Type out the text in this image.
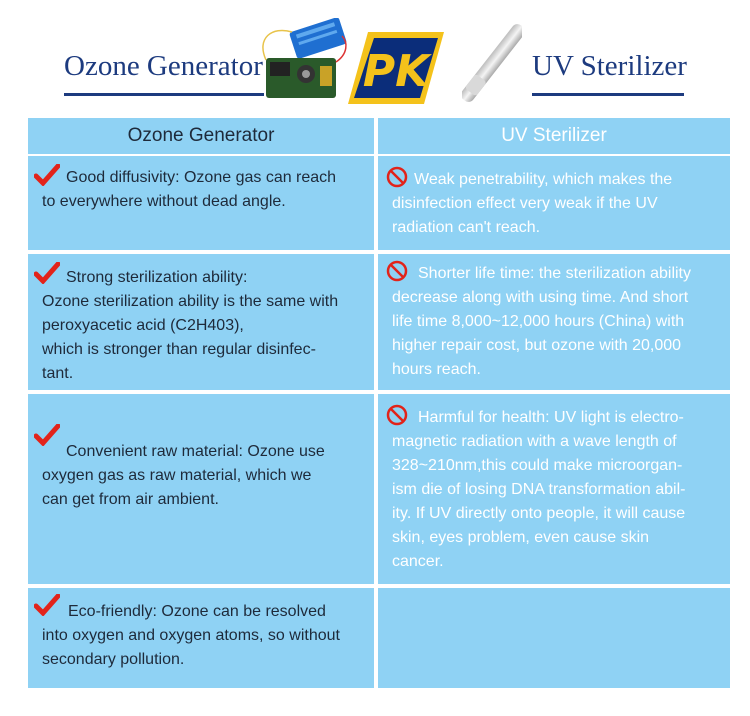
Ozone Generator PK	UV Sterilizer
Ozone Generator	UV Sterilizer
Good diffusivity: Ozone gas can reach
to everywhere without dead angle.
Weak penetrability, which makes the
disinfection effect very weak if the UV
radiation can't reach.
Strong sterilization ability:
Ozone sterilization ability is the same with
peroxyacetic acid (C2H403),
which is stronger than regular disinfec-
tant.
Shorter life time: the sterilization ability
decrease along with using time. And short
life time 8,000~12,000 hours (China) with
higher repair cost, but ozone with 20,000
hours reach.
Convenient raw material: Ozone use
oxygen gas as raw material, which we
can get from air ambient.
Harmful for health: UV light is electro-
magnetic radiation with a wave length of
328~210nm,this could make microorgan-
ism die of losing DNA transformation abil-
ity. If UV directly onto people, it will cause
skin, eyes problem, even cause skin
cancer.
Eco-friendly: Ozone can be resolved
into oxygen and oxygen atoms, so without
secondary pollution.
